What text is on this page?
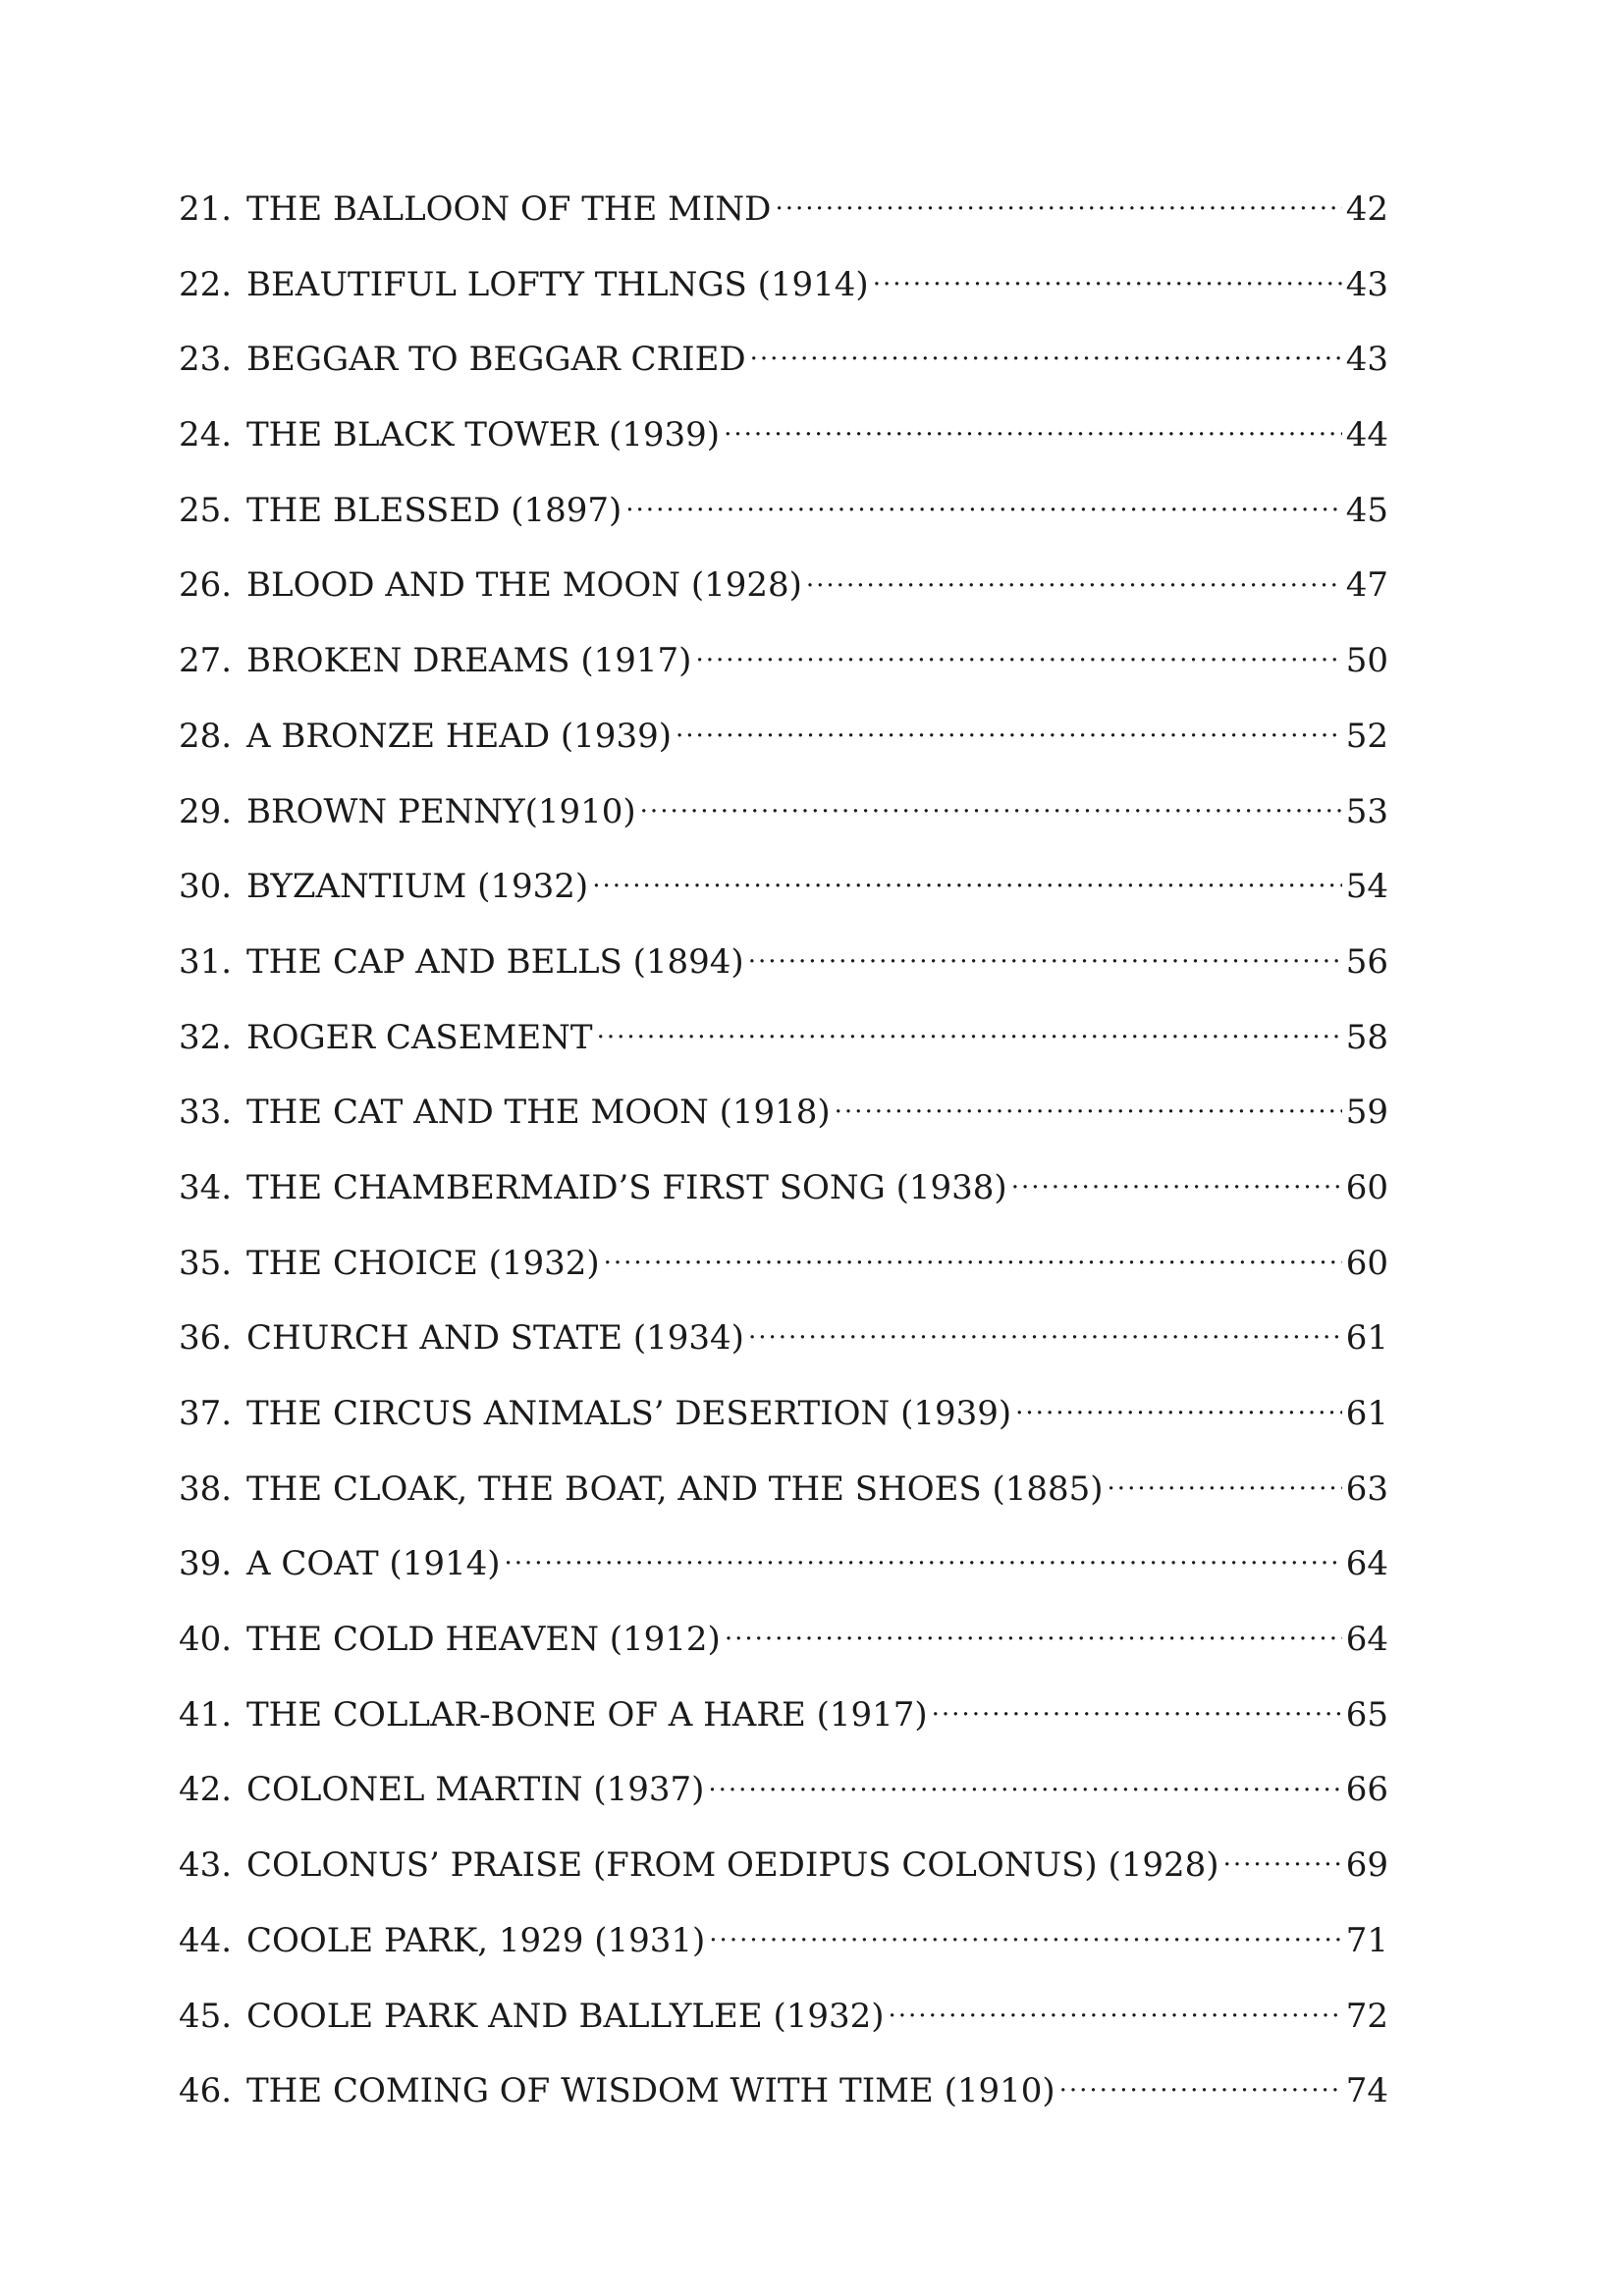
21. THE BALLOON OF THE MIND .....	42
22. BEAUTIFUL LOFTY THLNGS (1914) .....	43
23. BEGGAR TO BEGGAR CRIED .....	43
24. THE BLACK TOWER (1939) .....	44
25. THE BLESSED (1897) .....	45
26. BLOOD AND THE MOON (1928) .....	47
27. BROKEN DREAMS (1917) .....	50
28. A BRONZE HEAD (1939) .....	52
29. BROWN PENNY(1910) .....	53
30. BYZANTIUM (1932) .....	54
31. THE CAP AND BELLS (1894) .....	56
32. ROGER CASEMENT .....	58
33. THE CAT AND THE MOON (1918) .....	59
34. THE CHAMBERMAID’S FIRST SONG (1938) .....	60
35. THE CHOICE (1932) .....	60
36. CHURCH AND STATE (1934) .....	61
37. THE CIRCUS ANIMALS’ DESERTION (1939) .....	61
38. THE CLOAK, THE BOAT, AND THE SHOES (1885) .....	63
39. A COAT (1914) .....	64
40. THE COLD HEAVEN (1912) .....	64
41. THE COLLAR-BONE OF A HARE (1917) .....	65
42. COLONEL MARTIN (1937) .....	66
43. COLONUS’ PRAISE (FROM OEDIPUS COLONUS) (1928) .....	69
44. COOLE PARK, 1929 (1931) .....	71
45. COOLE PARK AND BALLYLEE (1932) .....	72
46. THE COMING OF WISDOM WITH TIME (1910) .....	74
